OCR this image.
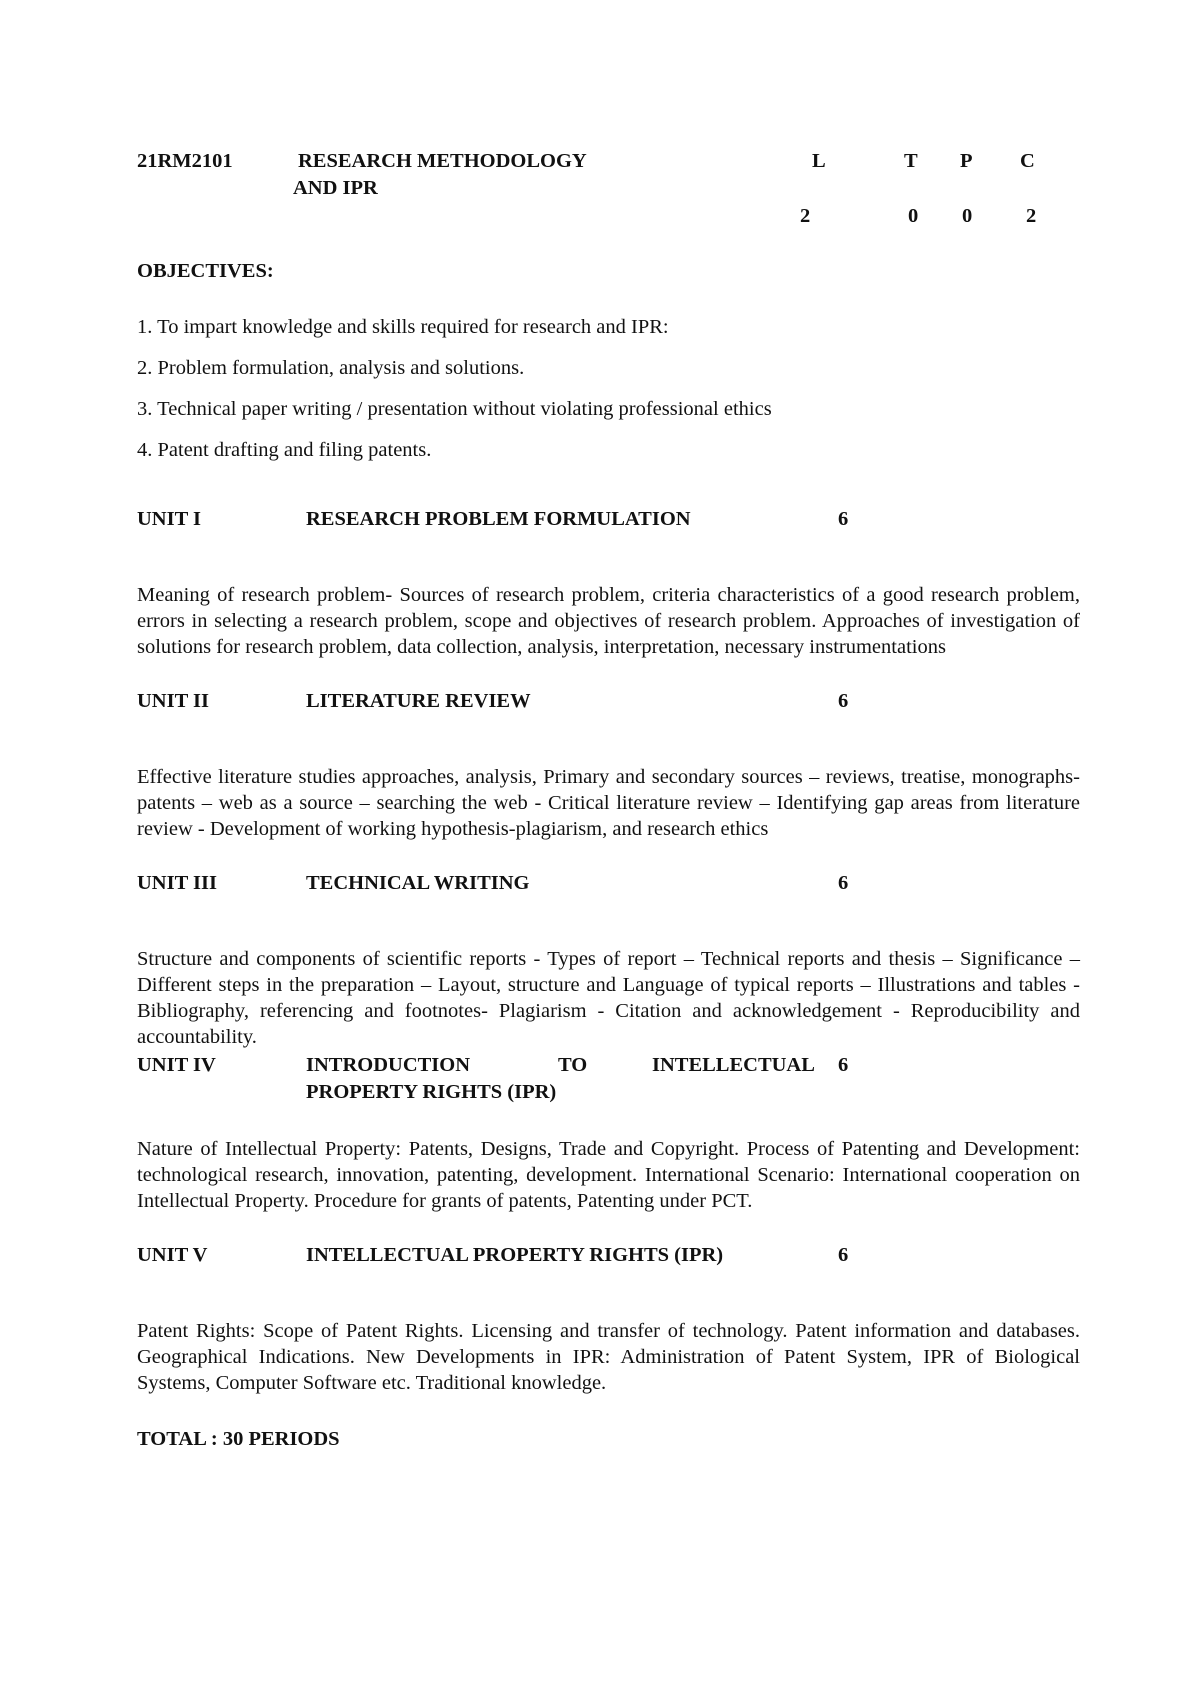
21RM2101	RESEARCH METHODOLOGY
AND IPR
L	T P C
2	0 0	2
OBJECTIVES:
1. To impart knowledge and skills required for research and IPR:
2. Problem formulation, analysis and solutions.
3. Technical paper writing / presentation without violating professional ethics
4. Patent drafting and filing patents.
UNIT I	RESEARCH PROBLEM FORMULATION	6
Meaning of research problem- Sources of research problem, criteria characteristics of a good research problem, errors in selecting a research problem, scope and objectives of research problem. Approaches of investigation of solutions for research problem, data collection, analysis, interpretation, necessary instrumentations
UNIT II	LITERATURE REVIEW	6
Effective literature studies approaches, analysis, Primary and secondary sources – reviews, treatise, monographs-patents – web as a source – searching the web - Critical literature review – Identifying gap areas from literature review - Development of working hypothesis-plagiarism, and research ethics
UNIT III	TECHNICAL WRITING	6
Structure and components of scientific reports - Types of report – Technical reports and thesis – Significance – Different steps in the preparation – Layout, structure and Language of typical reports – Illustrations and tables - Bibliography, referencing and footnotes- Plagiarism - Citation and acknowledgement - Reproducibility and accountability.
UNIT IV	INTRODUCTION	TO	INTELLECTUAL 6
PROPERTY RIGHTS (IPR)
Nature of Intellectual Property: Patents, Designs, Trade and Copyright. Process of Patenting and Development: technological research, innovation, patenting, development. International Scenario: International cooperation on Intellectual Property. Procedure for grants of patents, Patenting under PCT.
UNIT V	INTELLECTUAL PROPERTY RIGHTS (IPR)	6
Patent Rights: Scope of Patent Rights. Licensing and transfer of technology. Patent information and databases. Geographical Indications. New Developments in IPR: Administration of Patent System, IPR of Biological Systems, Computer Software etc. Traditional knowledge.
TOTAL : 30 PERIODS
